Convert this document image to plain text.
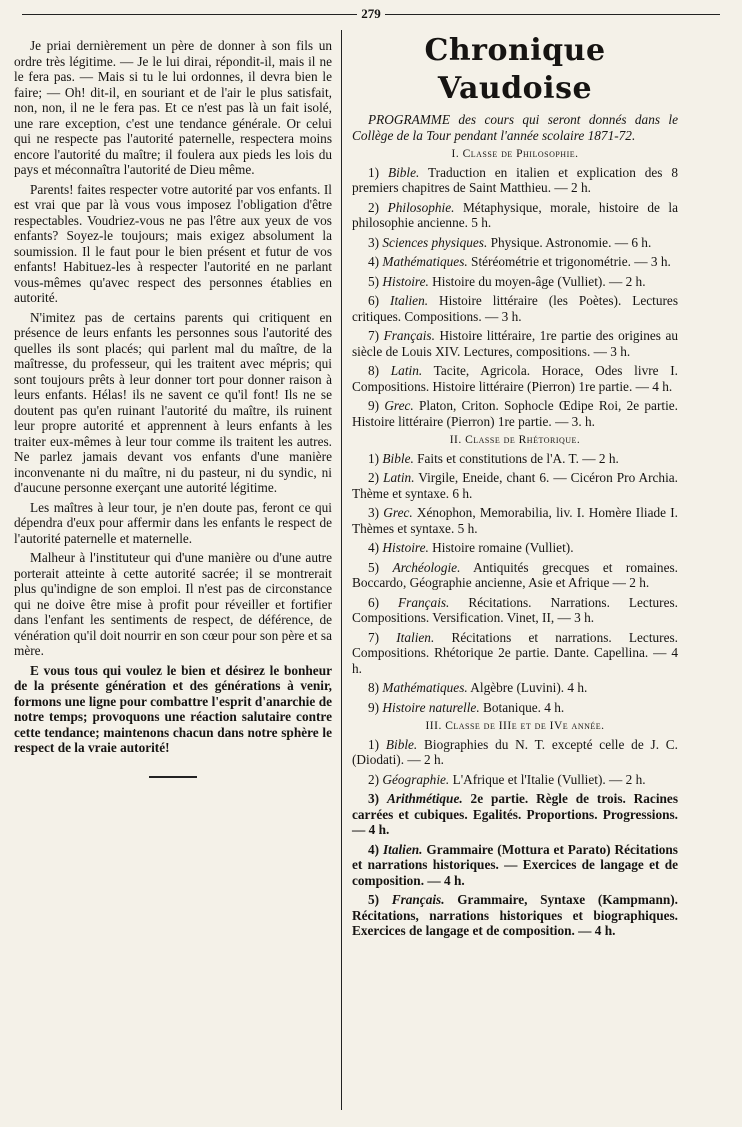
279

Je priai dernièrement un père de donner à son fils un ordre très légitime. — Je le lui dirai, répondit-il, mais il ne le fera pas. — Mais si tu le lui ordonnes, il devra bien le faire; — Oh! dit-il, en souriant et de l'air le plus satisfait, non, non, il ne le fera pas. Et ce n'est pas là un fait isolé, une rare exception, c'est une tendance générale. Or celui qui ne respecte pas l'autorité paternelle, respectera moins encore l'autorité du maître; il foulera aux pieds les lois du pays et méconnaîtra l'autorité de Dieu même.

Parents! faites respecter votre autorité par vos enfants. Il est vrai que par là vous vous imposez l'obligation d'être respectables. Voudriez-vous ne pas l'être aux yeux de vos enfants? Soyez-le toujours; mais exigez absolument la soumission. Il le faut pour le bien présent et futur de vos enfants! Habituez-les à respecter l'autorité en ne parlant vous-mêmes qu'avec respect des personnes établies en autorité.

N'imitez pas de certains parents qui critiquent en présence de leurs enfants les personnes sous l'autorité des quelles ils sont placés; qui parlent mal du maître, de la maîtresse, du professeur, qui les traitent avec mépris; qui sont toujours prêts à leur donner tort pour donner raison à leurs enfants. Hélas! ils ne savent ce qu'il font! Ils ne se doutent pas qu'en ruinant l'autorité du maître, ils ruinent leur propre autorité et apprennent à leurs enfants à les traiter eux-mêmes à leur tour comme ils traitent les autres. Ne parlez jamais devant vos enfants d'une manière inconvenante ni du maître, ni du pasteur, ni du syndic, ni d'aucune personne exerçant une autorité légitime.

Les maîtres à leur tour, je n'en doute pas, feront ce qui dépendra d'eux pour affermir dans les enfants le respect de l'autorité paternelle et maternelle.

Malheur à l'instituteur qui d'une manière ou d'une autre porterait atteinte à cette autorité sacrée; il se montrerait plus qu'indigne de son emploi. Il n'est pas de circonstance qui ne doive être mise à profit pour réveiller et fortifier dans l'enfant les sentiments de respect, de déférence, de vénération qu'il doit nourrir en son cœur pour son père et sa mère.

E vous tous qui voulez le bien et désirez le bonheur de la présente génération et des générations à venir, formons une ligne pour combattre l'esprit d'anarchie de notre temps; provoquons une réaction salutaire contre cette tendance; maintenons chacun dans notre sphère le respect de la vraie autorité!

Chronique Vaudoise

PROGRAMME des cours qui seront donnés dans le Collège de la Tour pendant l'année scolaire 1871-72.

I. Classe de Philosophie.

1) Bible. Traduction en italien et explication des 8 premiers chapitres de Saint Matthieu. — 2 h.

2) Philosophie. Métaphysique, morale, histoire de la philosophie ancienne. 5 h.

3) Sciences physiques. Physique. Astronomie. — 6 h.

4) Mathématiques. Stéréométrie et trigonométrie. — 3 h.

5) Histoire. Histoire du moyen-âge (Vulliet). — 2 h.

6) Italien. Histoire littéraire (les Poètes). Lectures critiques. Compositions. — 3 h.

7) Français. Histoire littéraire, 1re partie des origines au siècle de Louis XIV. Lectures, compositions. — 3 h.

8) Latin. Tacite, Agricola. Horace, Odes livre I. Compositions. Histoire littéraire (Pierron) 1re partie. — 4 h.

9) Grec. Platon, Criton. Sophocle Œdipe Roi, 2e partie. Histoire littéraire (Pierron) 1re partie. — 3. h.

II. Classe de Rhétorique.

1) Bible. Faits et constitutions de l'A. T. — 2 h.

2) Latin. Virgile, Eneide, chant 6. — Cicéron Pro Archia. Thème et syntaxe. 6 h.

3) Grec. Xénophon, Memorabilia, liv. I. Homère Iliade I. Thèmes et syntaxe. 5 h.

4) Histoire. Histoire romaine (Vulliet).

5) Archéologie. Antiquités grecques et romaines. Boccardo, Géographie ancienne, Asie et Afrique — 2 h.

6) Français. Récitations. Narrations. Lectures. Compositions. Versification. Vinet, II, — 3 h.

7) Italien. Récitations et narrations. Lectures. Compositions. Rhétorique 2e partie. Dante. Capellina. — 4 h.

8) Mathématiques. Algèbre (Luvini). 4 h.

9) Histoire naturelle. Botanique. 4 h.

III. Classe de IIIe et de IVe année.

1) Bible. Biographies du N. T. excepté celle de J. C. (Diodati). — 2 h.

2) Géographie. L'Afrique et l'Italie (Vulliet). — 2 h.

3) Arithmétique. 2e partie. Règle de trois. Racines carrées et cubiques. Egalités. Proportions. Progressions. — 4 h.

4) Italien. Grammaire (Mottura et Parato) Récitations et narrations historiques. — Exercices de langage et de composition. — 4 h.

5) Français. Grammaire, Syntaxe (Kampmann). Récitations, narrations historiques et biographiques. Exercices de langage et de composition. — 4 h.
